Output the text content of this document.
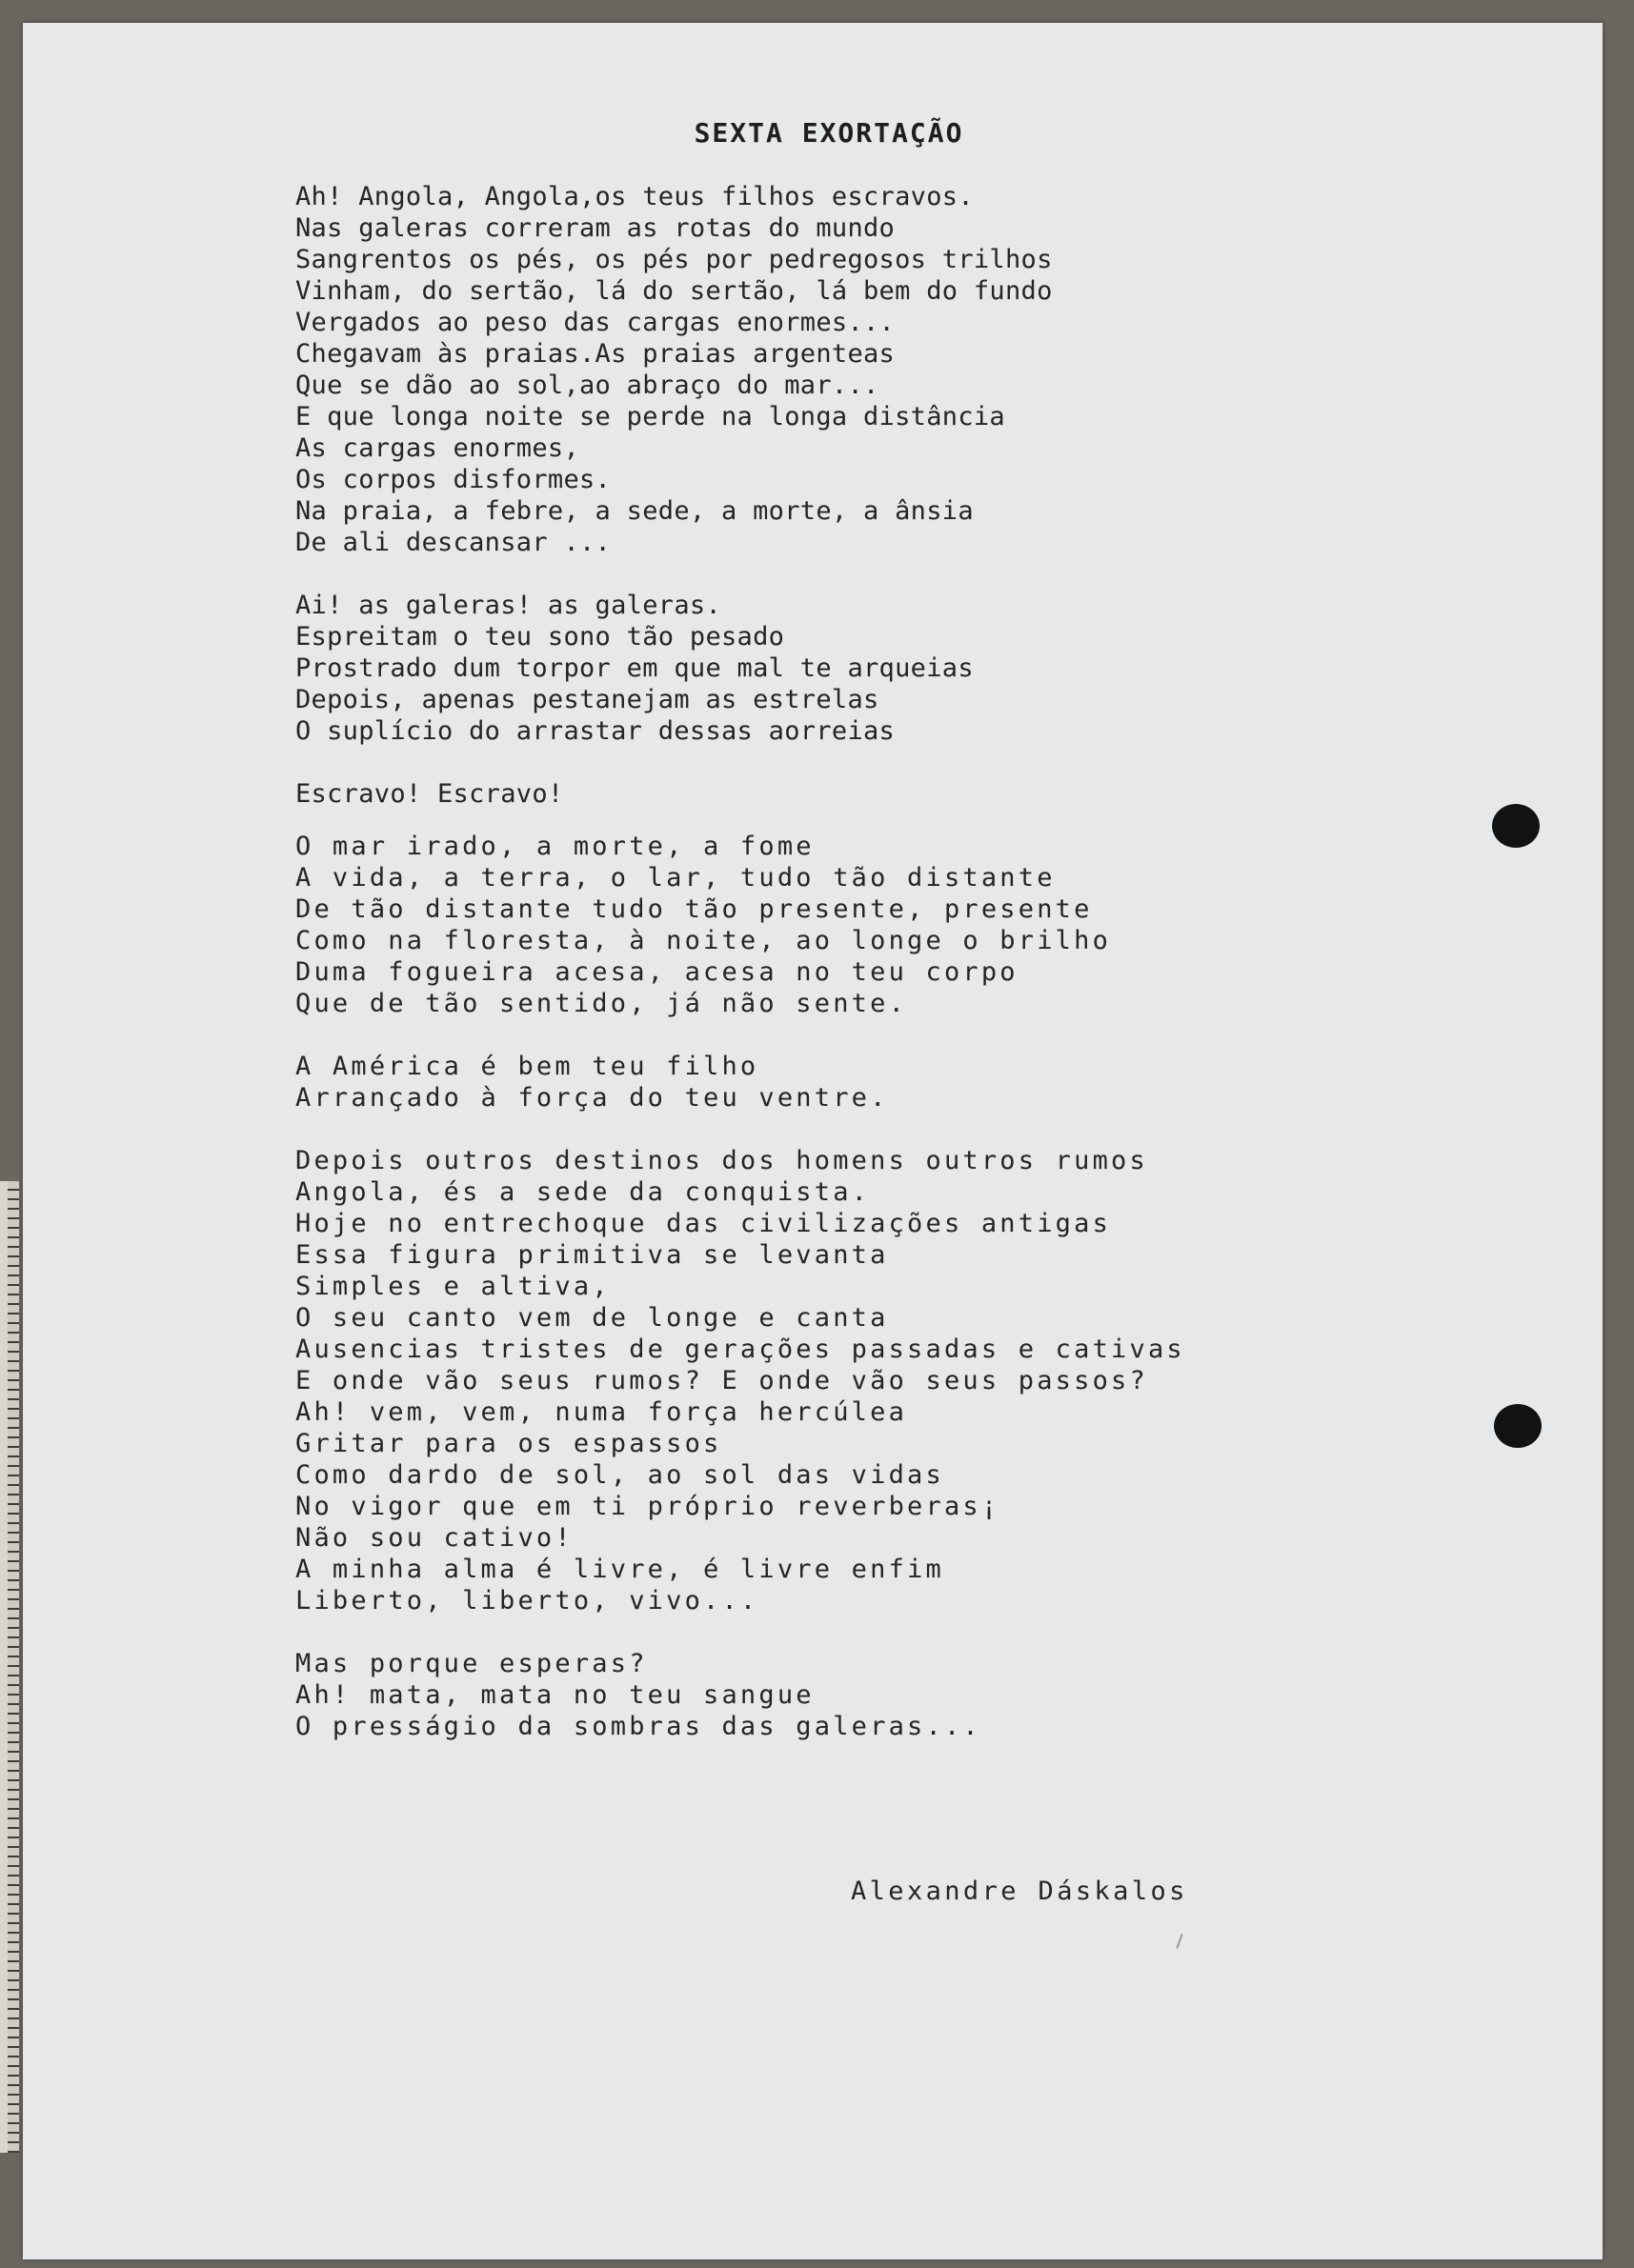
SEXTA EXORTAÇÃO
Ah! Angola, Angola,os teus filhos escravos.
Nas galeras correram as rotas do mundo
Sangrentos os pés, os pés por pedregosos trilhos
Vinham, do sertão, lá do sertão, lá bem do fundo
Vergados ao peso das cargas enormes...
Chegavam às praias.As praias argenteas
Que se dão ao sol,ao abraço do mar...
E que longa noite se perde na longa distância
As cargas enormes,
Os corpos disformes.
Na praia, a febre, a sede, a morte, a ânsia
De ali descansar ...
Ai! as galeras! as galeras.
Espreitam o teu sono tão pesado
Prostrado dum torpor em que mal te arqueias
Depois, apenas pestanejam as estrelas
O suplício do arrastar dessas aorreias
Escravo! Escravo!
O mar irado, a morte, a fome
A vida, a terra, o lar, tudo tão distante
De tão distante tudo tão presente, presente
Como na floresta, à noite, ao longe o brilho
Duma fogueira acesa, acesa no teu corpo
Que de tão sentido, já não sente.
A América é bem teu filho
Arrançado à força do teu ventre.
Depois outros destinos dos homens outros rumos
Angola, és a sede da conquista.
Hoje no entrechoque das civilizações antigas
Essa figura primitiva se levanta
Simples e altiva,
O seu canto vem de longe e canta
Ausencias tristes de gerações passadas e cativas
E onde vão seus rumos? E onde vão seus passos?
Ah! vem, vem, numa força hercúlea
Gritar para os espassos
Como dardo de sol, ao sol das vidas
No vigor que em ti próprio reverberas¡
Não sou cativo!
A minha alma é livre, é livre enfim
Liberto, liberto, vivo...
Mas porque esperas?
Ah! mata, mata no teu sangue
O presságio da sombras das galeras...
Alexandre Dáskalos
